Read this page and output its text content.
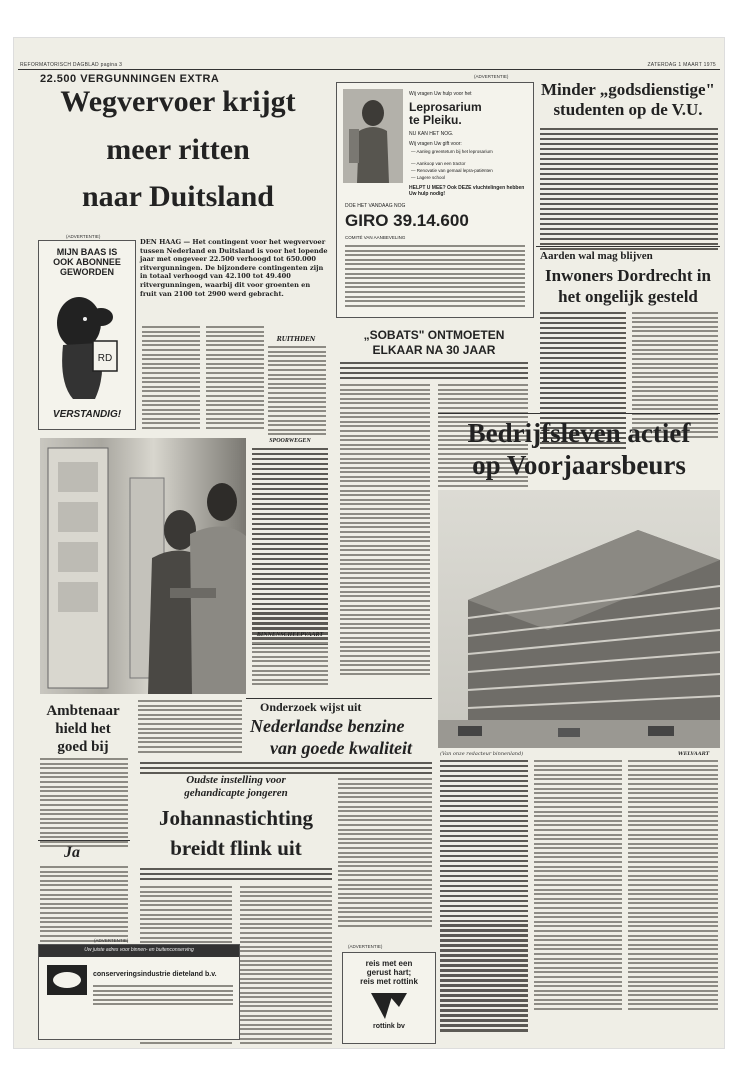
REFORMATORISCH DAGBLAD pagina 3	ZATERDAG 1 MAART 1975
22.500 VERGUNNINGEN EXTRA
Wegvervoer krijgt
meer ritten
naar Duitsland
(ADVERTENTIE)
MIJN BAAS IS
OOK ABONNEE
GEWORDEN
RD
VERSTANDIG!
DEN HAAG — Het contingent voor het wegvervoer tussen Nederland en Duitsland is voor het lopende jaar met ongeveer 22.500 verhoogd tot 650.000 ritvergunningen. De bijzondere contingenten zijn in totaal verhoogd van 42.100 tot 49.400 ritvergunningen, waarbij dit voor groenten en fruit van 2100 tot 2900 werd gebracht.
RUITHDEN
SPOORWEGEN
BINNENSCHEEPVAART
(ADVERTENTIE)
Wij vragen Uw hulp voor het
Leprosarium
te Pleiku.
NU KAN HET NOG.
Wij vragen Uw gift voor:
— Aanleg greenteturn bij het leprosarium
— Aankoop van een tractor
— Renovatie van gemaal lepra-patiënten
— Lagere school
HELPT U MEE? Ook DEZE vluchtelingen hebben Uw hulp nodig!
DOE HET VANDAAG NOG
GIRO 39.14.600
COMITÉ VAN AANBEVELING
„SOBATS" ONTMOETEN
ELKAAR NA 30 JAAR
Minder „godsdienstige"
studenten op de V.U.
Aarden wal mag blijven
Inwoners Dordrecht in
het ongelijk gesteld
Bedrijfsleven actief
op Voorjaarsbeurs
(Van onze redacteur binnenland)	WELVAART
Ambtenaar
hield het
goed bij
Ja
Onderzoek wijst uit
Nederlandse benzine
van goede kwaliteit
Oudste instelling voor
gehandicapte jongeren
Johannastichting
breidt flink uit
(ADVERTENTIE)
Uw juiste adres voor binnen- en buitenconserving
conserveringsindustrie dieteland b.v.
(ADVERTENTIE)
reis met een
gerust hart;
reis met rottink
rottink bv
